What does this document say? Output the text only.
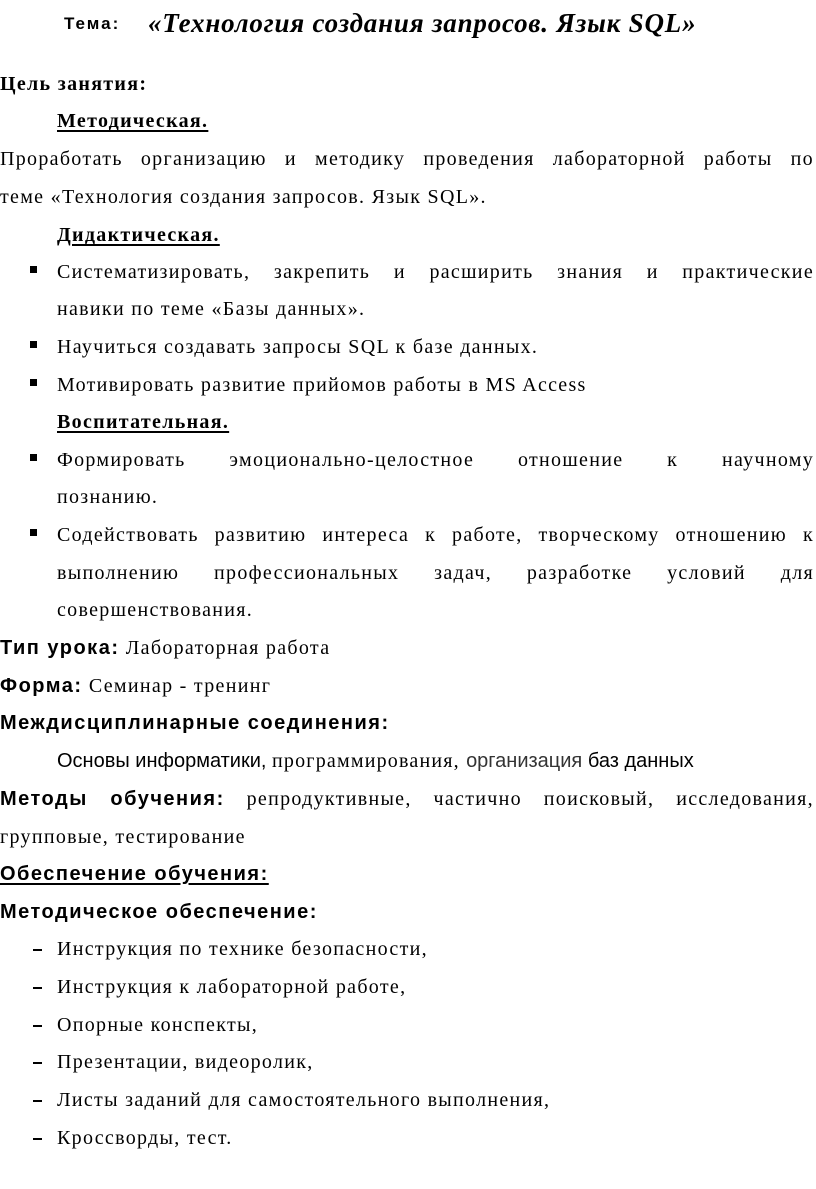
Тема: «Технология создания запросов. Язык SQL»
Цель занятия:
Методическая.
Проработать организацию и методику проведения лабораторной работы по
теме «Технология создания запросов. Язык SQL».
Дидактическая.
Систематизировать, закрепить и расширить знания и практические
навики по теме «Базы данных».
Научиться создавать запросы SQL к базе данных.
Мотивировать развитие прийомов работы в MS Access
Воспитательная.
Формировать эмоционально-целостное отношение к научному
познанию.
Содействовать развитию интереса к работе, творческому отношению к
выполнению профессиональных задач, разработке условий для
совершенствования.
Тип урока: Лабораторная работа
Форма: Семинар - тренинг
Междисциплинарные соединения:
Основы информатики, программирования, организация баз данных
Методы обучения: репродуктивные, частично поисковый, исследования,
групповые, тестирование
Обеспечение обучения:
Методическое обеспечение:
Инструкция по технике безопасности,
Инструкция к лабораторной работе,
Опорные конспекты,
Презентации, видеоролик,
Листы заданий для самостоятельного выполнения,
Кроссворды, тест.
